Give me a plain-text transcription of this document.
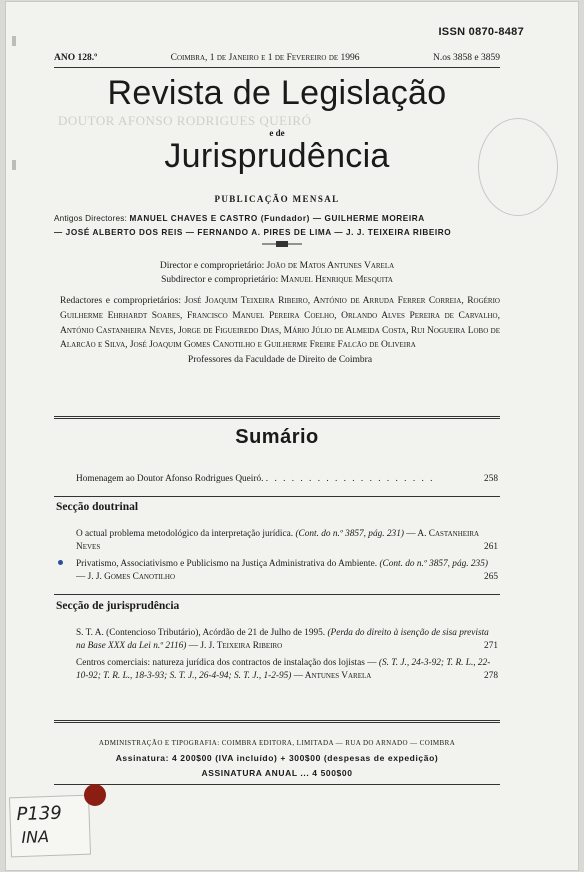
DOUTOR AFONSO RODRIGUES QUEIRÓ
ISSN 0870-8487
ANO 128.º	Coimbra, 1 de Janeiro e 1 de Fevereiro de 1996	N.os 3858 e 3859
Revista de Legislação
e de
Jurisprudência
PUBLICAÇÃO MENSAL
Antigos Directores: MANUEL CHAVES E CASTRO (Fundador) — GUILHERME MOREIRA
— JOSÉ ALBERTO DOS REIS — FERNANDO A. PIRES DE LIMA — J. J. TEIXEIRA RIBEIRO
Director e comproprietário: João de Matos Antunes Varela
Subdirector e comproprietário: Manuel Henrique Mesquita
Redactores e comproprietários: José Joaquim Teixeira Ribeiro, António de Arruda Ferrer Correia, Rogério Guilherme Ehrhardt Soares, Francisco Manuel Pereira Coelho, Orlando Alves Pereira de Carvalho, António Castanheira Neves, Jorge de Figueiredo Dias, Mário Júlio de Almeida Costa, Rui Nogueira Lobo de Alarcão e Silva, José Joaquim Gomes Canotilho e Guilherme Freire Falcão de Oliveira
Professores da Faculdade de Direito de Coimbra
Sumário
Homenagem ao Doutor Afonso Rodrigues Queiró. . . . . . . . . . . . . . . . . . . . .	258
Secção doutrinal
O actual problema metodológico da interpretação jurídica. (Cont. do n.º 3857, pág. 231) — A. Castanheira Neves	261
Privatismo, Associativismo e Publicismo na Justiça Administrativa do Ambiente. (Cont. do n.º 3857, pág. 235) — J. J. Gomes Canotilho	265
Secção de jurisprudência
S. T. A. (Contencioso Tributário), Acórdão de 21 de Julho de 1995. (Perda do direito à isenção de sisa prevista na Base XXX da Lei n.º 2116) — J. J. Teixeira Ribeiro	271
Centros comerciais: natureza jurídica dos contractos de instalação dos lojistas — (S. T. J., 24-3-92; T. R. L., 22-10-92; T. R. L., 18-3-93; S. T. J., 26-4-94; S. T. J., 1-2-95) — Antunes Varela	278
ADMINISTRAÇÃO E TIPOGRAFIA: COIMBRA EDITORA, LIMITADA — RUA DO ARNADO — COIMBRA
Assinatura: 4 200$00 (IVA incluído) + 300$00 (despesas de expedição)
ASSINATURA ANUAL ... 4 500$00
P139
INA
